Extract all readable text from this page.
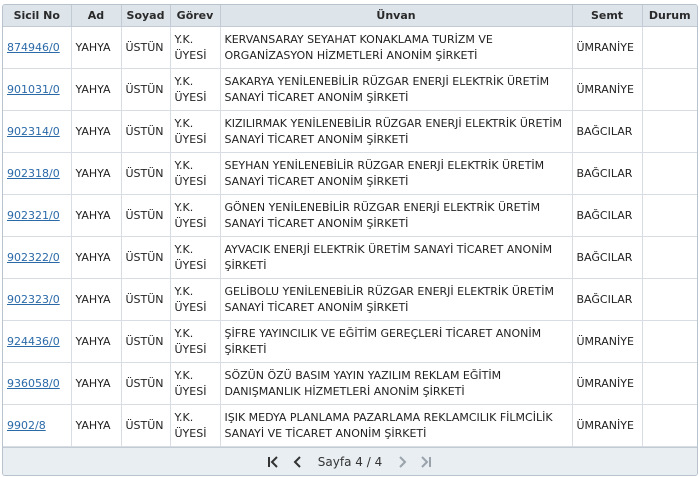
Sicil No	Ad	Soyad	Görev	Ünvan	Semt	Durum
874946/0	YAHYA	ÜSTÜN	Y.K. ÜYESİ	KERVANSARAY SEYAHAT KONAKLAMA TURİZM VE ORGANİZASYON HİZMETLERİ ANONİM ŞİRKETİ	ÜMRANİYE	
901031/0	YAHYA	ÜSTÜN	Y.K. ÜYESİ	SAKARYA YENİLENEBİLİR RÜZGAR ENERJİ ELEKTRİK ÜRETİM SANAYİ TİCARET ANONİM ŞİRKETİ	ÜMRANİYE	
902314/0	YAHYA	ÜSTÜN	Y.K. ÜYESİ	KIZILIRMAK YENİLENEBİLİR RÜZGAR ENERJİ ELEKTRİK ÜRETİM SANAYİ TİCARET ANONİM ŞİRKETİ	BAĞCILAR	
902318/0	YAHYA	ÜSTÜN	Y.K. ÜYESİ	SEYHAN YENİLENEBİLİR RÜZGAR ENERJİ ELEKTRİK ÜRETİM SANAYİ TİCARET ANONİM ŞİRKETİ	BAĞCILAR	
902321/0	YAHYA	ÜSTÜN	Y.K. ÜYESİ	GÖNEN YENİLENEBİLİR RÜZGAR ENERJİ ELEKTRİK ÜRETİM SANAYİ TİCARET ANONİM ŞİRKETİ	BAĞCILAR	
902322/0	YAHYA	ÜSTÜN	Y.K. ÜYESİ	AYVACIK ENERJİ ELEKTRİK ÜRETİM SANAYİ TİCARET ANONİM ŞİRKETİ	BAĞCILAR	
902323/0	YAHYA	ÜSTÜN	Y.K. ÜYESİ	GELİBOLU YENİLENEBİLİR RÜZGAR ENERJİ ELEKTRİK ÜRETİM SANAYİ TİCARET ANONİM ŞİRKETİ	BAĞCILAR	
924436/0	YAHYA	ÜSTÜN	Y.K. ÜYESİ	ŞİFRE YAYINCILIK VE EĞİTİM GEREÇLERİ TİCARET ANONİM ŞİRKETİ	ÜMRANİYE	
936058/0	YAHYA	ÜSTÜN	Y.K. ÜYESİ	SÖZÜN ÖZÜ BASIM YAYIN YAZILIM REKLAM EĞİTİM DANIŞMANLIK HİZMETLERİ ANONİM ŞİRKETİ	ÜMRANİYE	
9902/8	YAHYA	ÜSTÜN	Y.K. ÜYESİ	IŞIK MEDYA PLANLAMA PAZARLAMA REKLAMCILIK FİLMCİLİK SANAYİ VE TİCARET ANONİM ŞİRKETİ	ÜMRANİYE	
Sayfa 4 / 4
